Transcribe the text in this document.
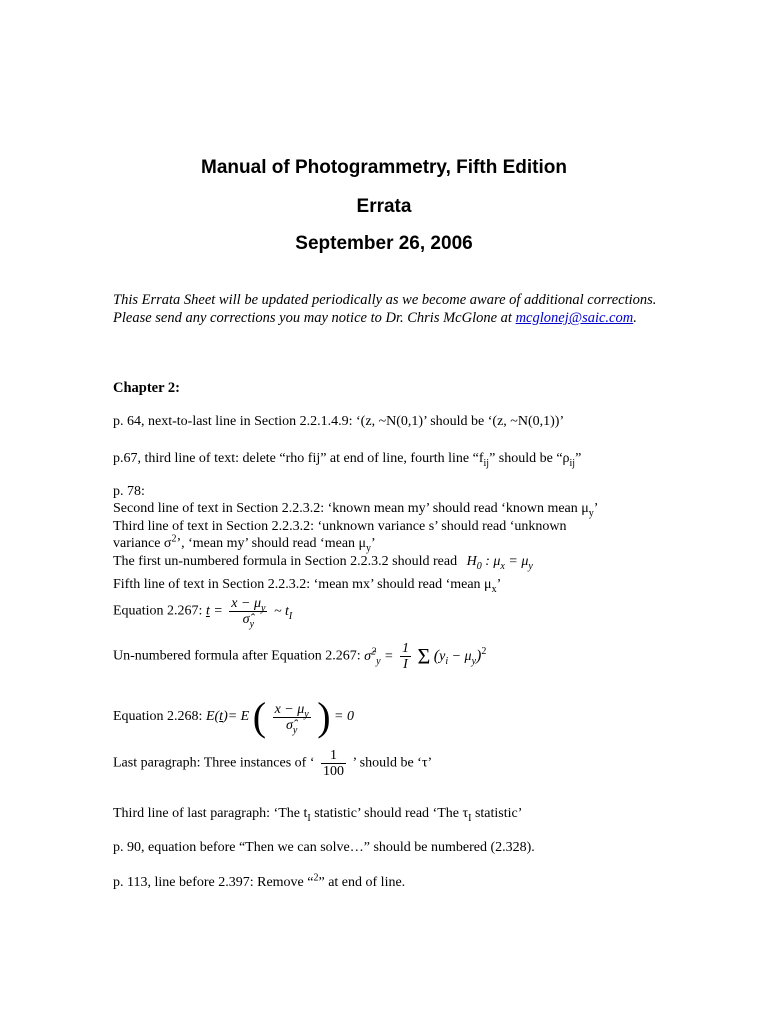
Manual of Photogrammetry, Fifth Edition
Errata
September 26, 2006
This Errata Sheet will be updated periodically as we become aware of additional corrections. Please send any corrections you may notice to Dr. Chris McGlone at mcglonej@saic.com.
Chapter 2:
p. 64, next-to-last line in Section 2.2.1.4.9: ‘(z, ~N(0,1)’ should be ‘(z, ~N(0,1))’
p.67, third line of text: delete “rho fij” at end of line, fourth line “$f_{ij}$” should be “$\rho_{ij}$”
p. 78:
Second line of text in Section 2.2.3.2: ‘known mean my’ should read ‘known mean $\mu_y$’
Third line of text in Section 2.2.3.2: ‘unknown variance s’ should read ‘unknown
variance $\sigma^2$’, ‘mean my’ should read ‘mean $\mu_y$’
The first un-numbered formula in Section 2.2.3.2 should read $H_0$ : $\mu_x = \mu_y$
Fifth line of text in Section 2.2.3.2: ‘mean mx’ should read ‘mean $\mu_x$’
Equation 2.267: $t = \frac{x - \mu_y}{\sigmâ_y}$ ~ $t_I$
Un-numbered formula after Equation 2.267: σ̂$^2_y$ = $\frac{1}{I}$ Σ $(y_i - \mu_y)^2$
Equation 2.268: E(t)= E ( $\frac{x - \mu_y}{\sigmâ_y}$ ) = 0
Last paragraph: Three instances of ‘ $\frac{1}{100}$ ’ should be ‘τ’
Third line of last paragraph: ‘The $t_I$ statistic’ should read ‘The $\tau_I$ statistic’
p. 90, equation before “Then we can solve…” should be numbered (2.328).
p. 113, line before 2.397: Remove “$^2$” at end of line.
